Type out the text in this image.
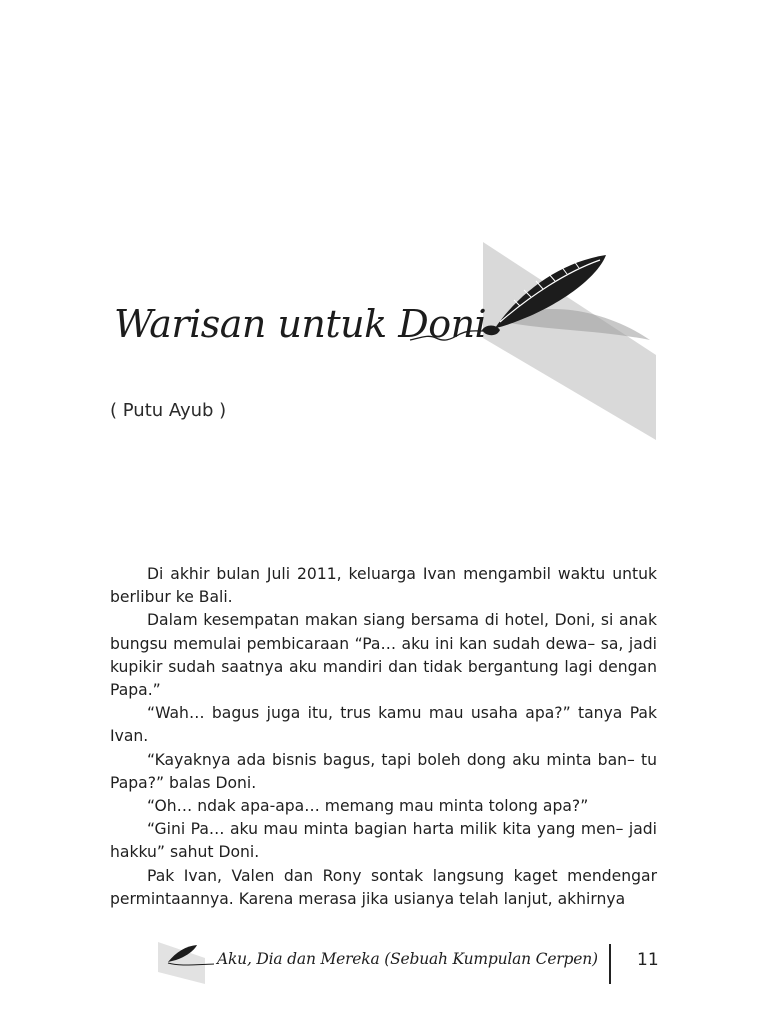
Warisan untuk Doni
( Putu Ayub )

Di akhir bulan Juli 2011, keluarga Ivan mengambil waktu untuk berlibur ke Bali.

Dalam kesempatan makan siang bersama di hotel, Doni, si anak bungsu memulai pembicaraan “Pa… aku ini kan sudah dewa– sa, jadi kupikir sudah saatnya aku mandiri dan tidak bergantung lagi dengan Papa.”

“Wah… bagus juga itu, trus kamu mau usaha apa?” tanya Pak Ivan.

“Kayaknya ada bisnis bagus, tapi boleh dong aku minta ban– tu Papa?” balas Doni.

“Oh… ndak apa-apa… memang mau minta tolong apa?”

“Gini Pa… aku mau minta bagian harta milik kita yang men– jadi hakku” sahut Doni.

Pak Ivan, Valen dan Rony sontak langsung kaget mendengar permintaannya. Karena merasa jika usianya telah lanjut, akhirnya

Aku, Dia dan Mereka (Sebuah Kumpulan Cerpen) 11
